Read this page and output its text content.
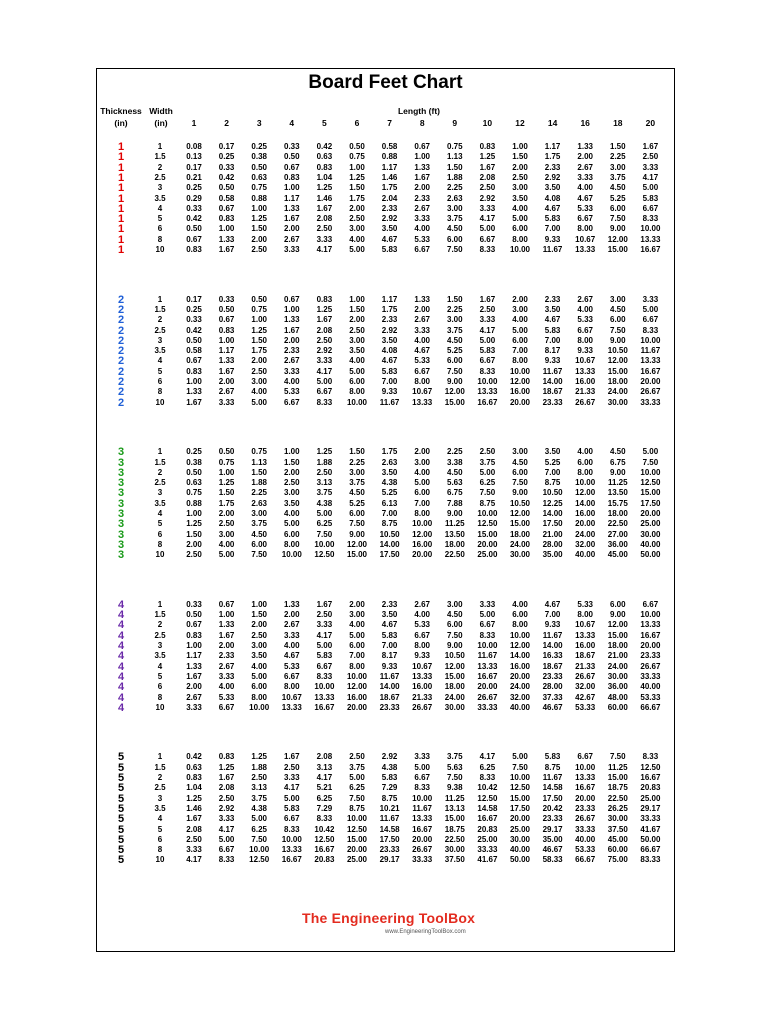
Board Feet Chart
Thickness
(in)
Width
(in)
Length (ft)
1	2	3	4	5	6	7	8	9	10	12	14	16	18	20
1	1	0.08	0.17	0.25	0.33	0.42	0.50	0.58	0.67	0.75	0.83	1.00	1.17	1.33	1.50	1.67
1	1.5	0.13	0.25	0.38	0.50	0.63	0.75	0.88	1.00	1.13	1.25	1.50	1.75	2.00	2.25	2.50
1	2	0.17	0.33	0.50	0.67	0.83	1.00	1.17	1.33	1.50	1.67	2.00	2.33	2.67	3.00	3.33
1	2.5	0.21	0.42	0.63	0.83	1.04	1.25	1.46	1.67	1.88	2.08	2.50	2.92	3.33	3.75	4.17
1	3	0.25	0.50	0.75	1.00	1.25	1.50	1.75	2.00	2.25	2.50	3.00	3.50	4.00	4.50	5.00
1	3.5	0.29	0.58	0.88	1.17	1.46	1.75	2.04	2.33	2.63	2.92	3.50	4.08	4.67	5.25	5.83
1	4	0.33	0.67	1.00	1.33	1.67	2.00	2.33	2.67	3.00	3.33	4.00	4.67	5.33	6.00	6.67
1	5	0.42	0.83	1.25	1.67	2.08	2.50	2.92	3.33	3.75	4.17	5.00	5.83	6.67	7.50	8.33
1	6	0.50	1.00	1.50	2.00	2.50	3.00	3.50	4.00	4.50	5.00	6.00	7.00	8.00	9.00	10.00
1	8	0.67	1.33	2.00	2.67	3.33	4.00	4.67	5.33	6.00	6.67	8.00	9.33	10.67	12.00	13.33
1	10	0.83	1.67	2.50	3.33	4.17	5.00	5.83	6.67	7.50	8.33	10.00	11.67	13.33	15.00	16.67
2	1	0.17	0.33	0.50	0.67	0.83	1.00	1.17	1.33	1.50	1.67	2.00	2.33	2.67	3.00	3.33
2	1.5	0.25	0.50	0.75	1.00	1.25	1.50	1.75	2.00	2.25	2.50	3.00	3.50	4.00	4.50	5.00
2	2	0.33	0.67	1.00	1.33	1.67	2.00	2.33	2.67	3.00	3.33	4.00	4.67	5.33	6.00	6.67
2	2.5	0.42	0.83	1.25	1.67	2.08	2.50	2.92	3.33	3.75	4.17	5.00	5.83	6.67	7.50	8.33
2	3	0.50	1.00	1.50	2.00	2.50	3.00	3.50	4.00	4.50	5.00	6.00	7.00	8.00	9.00	10.00
2	3.5	0.58	1.17	1.75	2.33	2.92	3.50	4.08	4.67	5.25	5.83	7.00	8.17	9.33	10.50	11.67
2	4	0.67	1.33	2.00	2.67	3.33	4.00	4.67	5.33	6.00	6.67	8.00	9.33	10.67	12.00	13.33
2	5	0.83	1.67	2.50	3.33	4.17	5.00	5.83	6.67	7.50	8.33	10.00	11.67	13.33	15.00	16.67
2	6	1.00	2.00	3.00	4.00	5.00	6.00	7.00	8.00	9.00	10.00	12.00	14.00	16.00	18.00	20.00
2	8	1.33	2.67	4.00	5.33	6.67	8.00	9.33	10.67	12.00	13.33	16.00	18.67	21.33	24.00	26.67
2	10	1.67	3.33	5.00	6.67	8.33	10.00	11.67	13.33	15.00	16.67	20.00	23.33	26.67	30.00	33.33
3	1	0.25	0.50	0.75	1.00	1.25	1.50	1.75	2.00	2.25	2.50	3.00	3.50	4.00	4.50	5.00
3	1.5	0.38	0.75	1.13	1.50	1.88	2.25	2.63	3.00	3.38	3.75	4.50	5.25	6.00	6.75	7.50
3	2	0.50	1.00	1.50	2.00	2.50	3.00	3.50	4.00	4.50	5.00	6.00	7.00	8.00	9.00	10.00
3	2.5	0.63	1.25	1.88	2.50	3.13	3.75	4.38	5.00	5.63	6.25	7.50	8.75	10.00	11.25	12.50
3	3	0.75	1.50	2.25	3.00	3.75	4.50	5.25	6.00	6.75	7.50	9.00	10.50	12.00	13.50	15.00
3	3.5	0.88	1.75	2.63	3.50	4.38	5.25	6.13	7.00	7.88	8.75	10.50	12.25	14.00	15.75	17.50
3	4	1.00	2.00	3.00	4.00	5.00	6.00	7.00	8.00	9.00	10.00	12.00	14.00	16.00	18.00	20.00
3	5	1.25	2.50	3.75	5.00	6.25	7.50	8.75	10.00	11.25	12.50	15.00	17.50	20.00	22.50	25.00
3	6	1.50	3.00	4.50	6.00	7.50	9.00	10.50	12.00	13.50	15.00	18.00	21.00	24.00	27.00	30.00
3	8	2.00	4.00	6.00	8.00	10.00	12.00	14.00	16.00	18.00	20.00	24.00	28.00	32.00	36.00	40.00
3	10	2.50	5.00	7.50	10.00	12.50	15.00	17.50	20.00	22.50	25.00	30.00	35.00	40.00	45.00	50.00
4	1	0.33	0.67	1.00	1.33	1.67	2.00	2.33	2.67	3.00	3.33	4.00	4.67	5.33	6.00	6.67
4	1.5	0.50	1.00	1.50	2.00	2.50	3.00	3.50	4.00	4.50	5.00	6.00	7.00	8.00	9.00	10.00
4	2	0.67	1.33	2.00	2.67	3.33	4.00	4.67	5.33	6.00	6.67	8.00	9.33	10.67	12.00	13.33
4	2.5	0.83	1.67	2.50	3.33	4.17	5.00	5.83	6.67	7.50	8.33	10.00	11.67	13.33	15.00	16.67
4	3	1.00	2.00	3.00	4.00	5.00	6.00	7.00	8.00	9.00	10.00	12.00	14.00	16.00	18.00	20.00
4	3.5	1.17	2.33	3.50	4.67	5.83	7.00	8.17	9.33	10.50	11.67	14.00	16.33	18.67	21.00	23.33
4	4	1.33	2.67	4.00	5.33	6.67	8.00	9.33	10.67	12.00	13.33	16.00	18.67	21.33	24.00	26.67
4	5	1.67	3.33	5.00	6.67	8.33	10.00	11.67	13.33	15.00	16.67	20.00	23.33	26.67	30.00	33.33
4	6	2.00	4.00	6.00	8.00	10.00	12.00	14.00	16.00	18.00	20.00	24.00	28.00	32.00	36.00	40.00
4	8	2.67	5.33	8.00	10.67	13.33	16.00	18.67	21.33	24.00	26.67	32.00	37.33	42.67	48.00	53.33
4	10	3.33	6.67	10.00	13.33	16.67	20.00	23.33	26.67	30.00	33.33	40.00	46.67	53.33	60.00	66.67
5	1	0.42	0.83	1.25	1.67	2.08	2.50	2.92	3.33	3.75	4.17	5.00	5.83	6.67	7.50	8.33
5	1.5	0.63	1.25	1.88	2.50	3.13	3.75	4.38	5.00	5.63	6.25	7.50	8.75	10.00	11.25	12.50
5	2	0.83	1.67	2.50	3.33	4.17	5.00	5.83	6.67	7.50	8.33	10.00	11.67	13.33	15.00	16.67
5	2.5	1.04	2.08	3.13	4.17	5.21	6.25	7.29	8.33	9.38	10.42	12.50	14.58	16.67	18.75	20.83
5	3	1.25	2.50	3.75	5.00	6.25	7.50	8.75	10.00	11.25	12.50	15.00	17.50	20.00	22.50	25.00
5	3.5	1.46	2.92	4.38	5.83	7.29	8.75	10.21	11.67	13.13	14.58	17.50	20.42	23.33	26.25	29.17
5	4	1.67	3.33	5.00	6.67	8.33	10.00	11.67	13.33	15.00	16.67	20.00	23.33	26.67	30.00	33.33
5	5	2.08	4.17	6.25	8.33	10.42	12.50	14.58	16.67	18.75	20.83	25.00	29.17	33.33	37.50	41.67
5	6	2.50	5.00	7.50	10.00	12.50	15.00	17.50	20.00	22.50	25.00	30.00	35.00	40.00	45.00	50.00
5	8	3.33	6.67	10.00	13.33	16.67	20.00	23.33	26.67	30.00	33.33	40.00	46.67	53.33	60.00	66.67
5	10	4.17	8.33	12.50	16.67	20.83	25.00	29.17	33.33	37.50	41.67	50.00	58.33	66.67	75.00	83.33
The Engineering ToolBox
www.EngineeringToolBox.com
